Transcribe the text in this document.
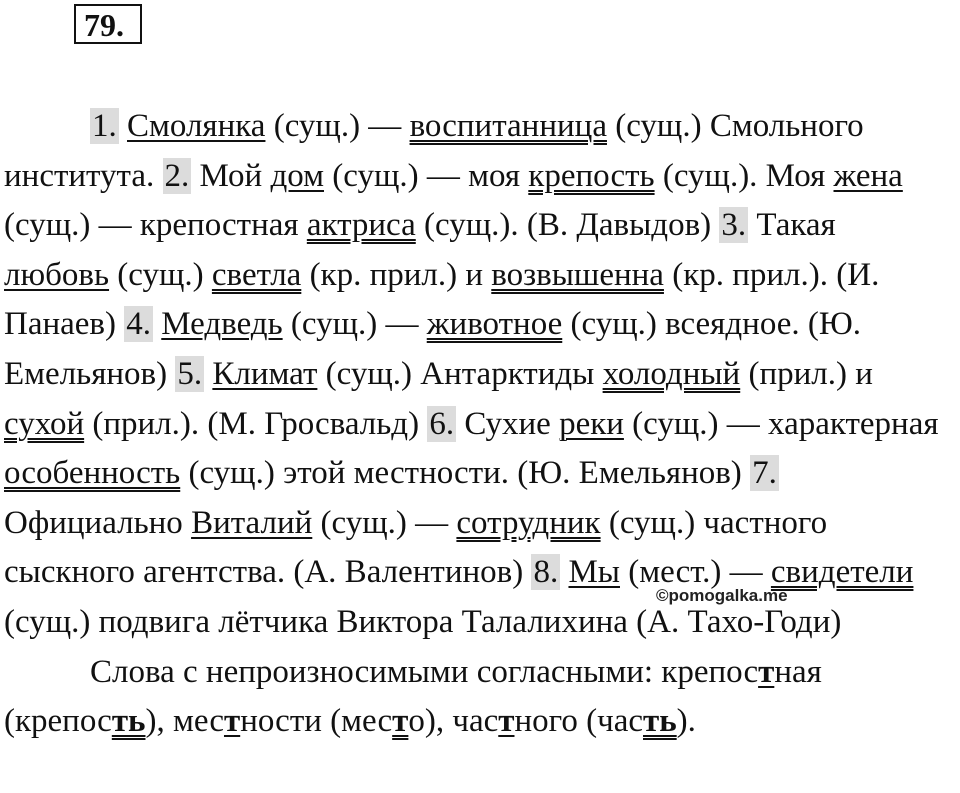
79.

1. Смолянка (сущ.) — воспитанница (сущ.) Смольного института. 2. Мой дом (сущ.) — моя крепость (сущ.). Моя жена (сущ.) — крепостная актриса (сущ.). (В. Давыдов) 3. Такая любовь (сущ.) светла (кр. прил.) и возвышенна (кр. прил.). (И. Панаев) 4. Медведь (сущ.) — животное (сущ.) всеядное. (Ю. Емельянов) 5. Климат (сущ.) Антарктиды холодный (прил.) и сухой (прил.). (М. Гросвальд) 6. Сухие реки (сущ.) — характерная особенность (сущ.) этой местности. (Ю. Емельянов) 7. Официально Виталий (сущ.) — сотрудник (сущ.) частного сыскного агентства. (А. Валентинов) 8. Мы (мест.) — свидетели (сущ.) подвига лётчика Виктора Талалихина (А. Тахо-Годи)

Слова с непроизносимыми согласными: крепостная (крепость), местности (место), частного (часть).

©pomogalka.me
